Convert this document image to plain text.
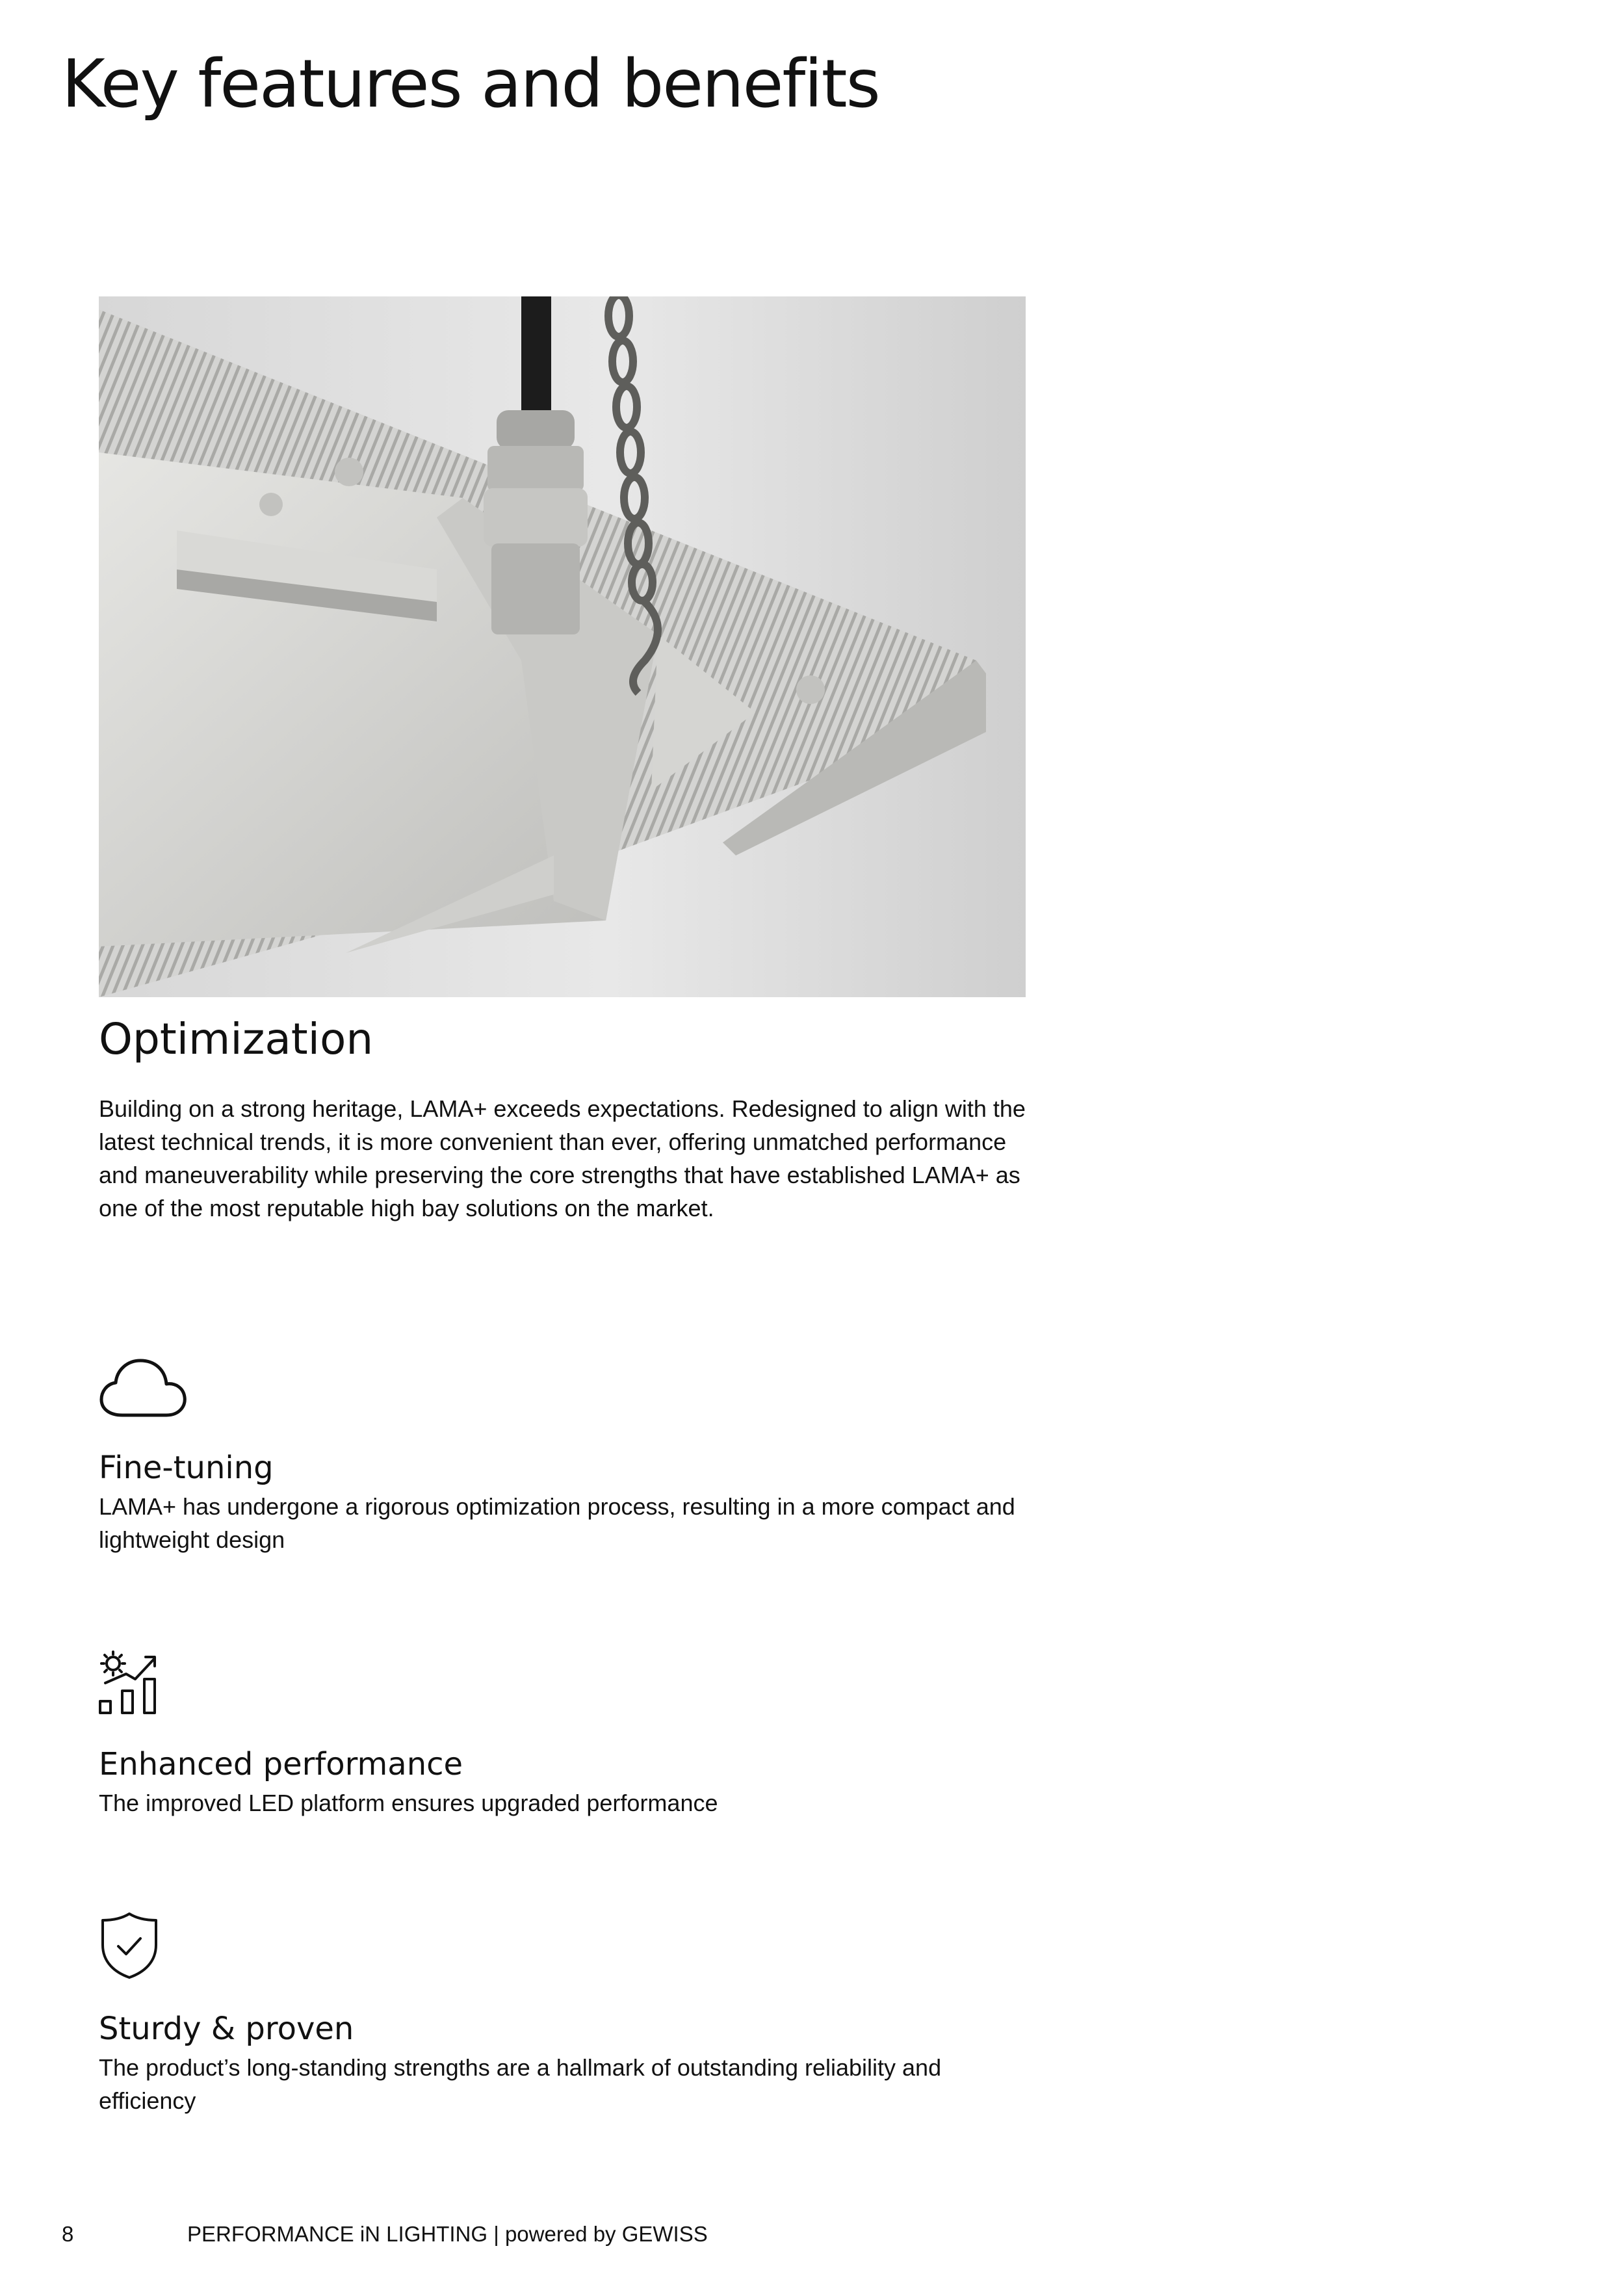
Key features and benefits
Optimization

Building on a strong heritage, LAMA+ exceeds expectations. Redesigned to align with the latest technical trends, it is more convenient than ever, offering unmatched performance and maneuverability while preserving the core strengths that have established LAMA+ as one of the most reputable high bay solutions on the market.

Fine-tuning

LAMA+ has undergone a rigorous optimization process, resulting in a more compact and lightweight design

Enhanced performance

The improved LED platform ensures upgraded performance

Sturdy & proven

The product’s long-standing strengths are a hallmark of outstanding reliability and efficiency

8	PERFORMANCE iN LIGHTING | powered by GEWISS
